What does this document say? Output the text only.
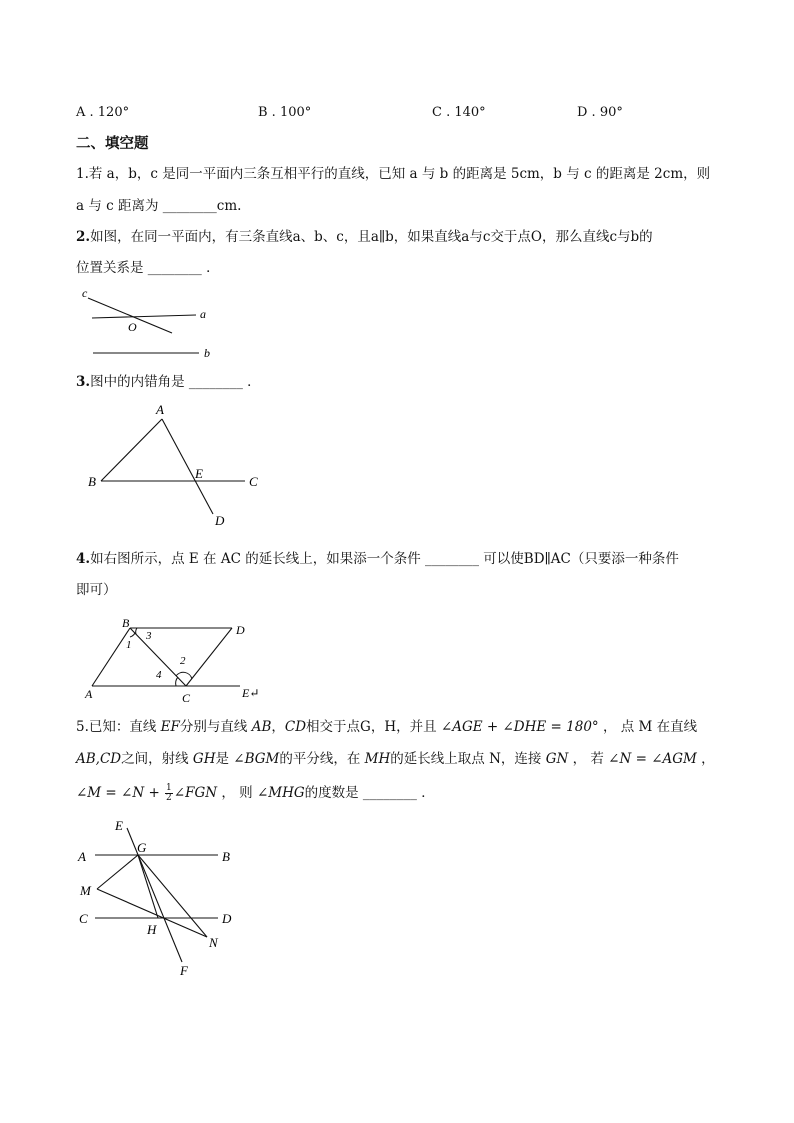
A . 120°	B . 100°	C . 140°	D . 90°
二、填空题
1.若 a，b，c 是同一平面内三条互相平行的直线，已知 a 与 b 的距离是 5cm，b 与 c 的距离是 2cm，则
a 与 c 距离为 ________cm.
2.如图，在同一平面内，有三条直线a、b、c，且a∥b，如果直线a与c交于点O，那么直线c与b的
位置关系是 ________ ．
c
a
O
b
3.图中的内错角是 ________ ．
A
B
E
C
D
4.如右图所示，点 E 在 AC 的延长线上，如果添一个条件 ________ 可以使BD∥AC（只要添一种条件
即可）
B	D
A	C	E↵
1
3
2
4
5.已知：直线 EF分别与直线 AB，CD相交于点G，H，并且 ∠AGE + ∠DHE = 180° ， 点 M 在直线
AB,CD之间，射线 GH是 ∠BGM的平分线，在 MH的延长线上取点 N，连接 GN ， 若 ∠N = ∠AGM ，
∠M = ∠N + $\frac{1}{2}$ ∠FGN ， 则 ∠MHG的度数是 ________ ．
E
G
A	B
M
C	D
H
N
F
